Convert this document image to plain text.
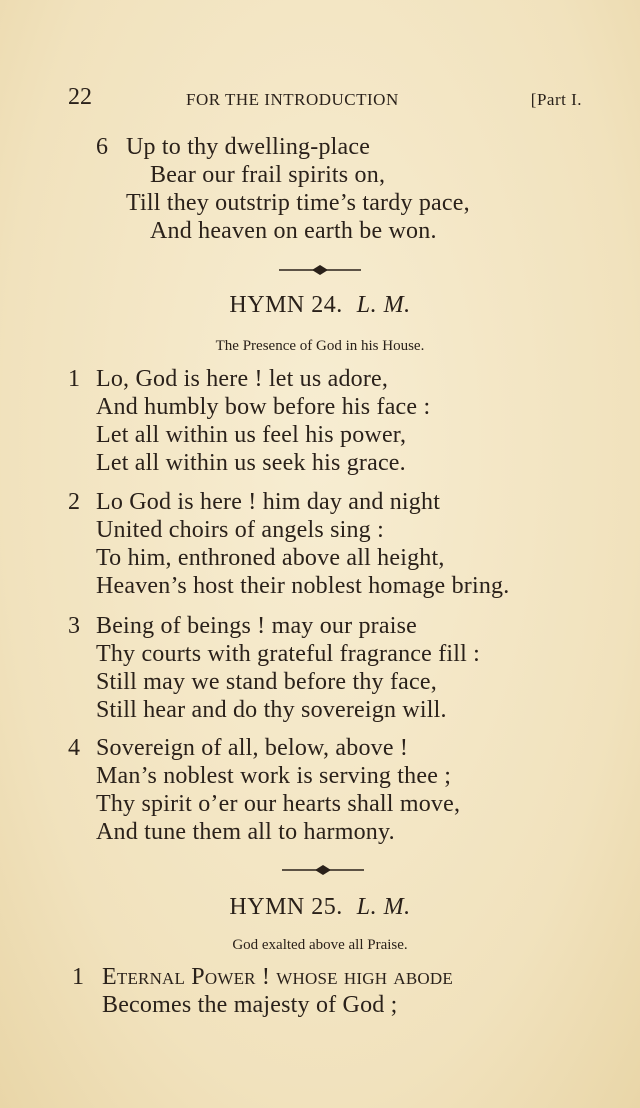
22	FOR THE INTRODUCTION	[Part I.
6 Up to thy dwelling-place
Bear our frail spirits on,
Till they outstrip time’s tardy pace,
And heaven on earth be won.
HYMN 24. L. M.
The Presence of God in his House.
1 Lo, God is here ! let us adore,
And humbly bow before his face :
Let all within us feel his power,
Let all within us seek his grace.
2 Lo God is here ! him day and night
United choirs of angels sing :
To him, enthroned above all height,
Heaven’s host their noblest homage bring.
3 Being of beings ! may our praise
Thy courts with grateful fragrance fill :
Still may we stand before thy face,
Still hear and do thy sovereign will.
4 Sovereign of all, below, above !
Man’s noblest work is serving thee ;
Thy spirit o’er our hearts shall move,
And tune them all to harmony.
HYMN 25. L. M.
God exalted above all Praise.
1 Eternal Power ! whose high abode
Becomes the majesty of God ;
